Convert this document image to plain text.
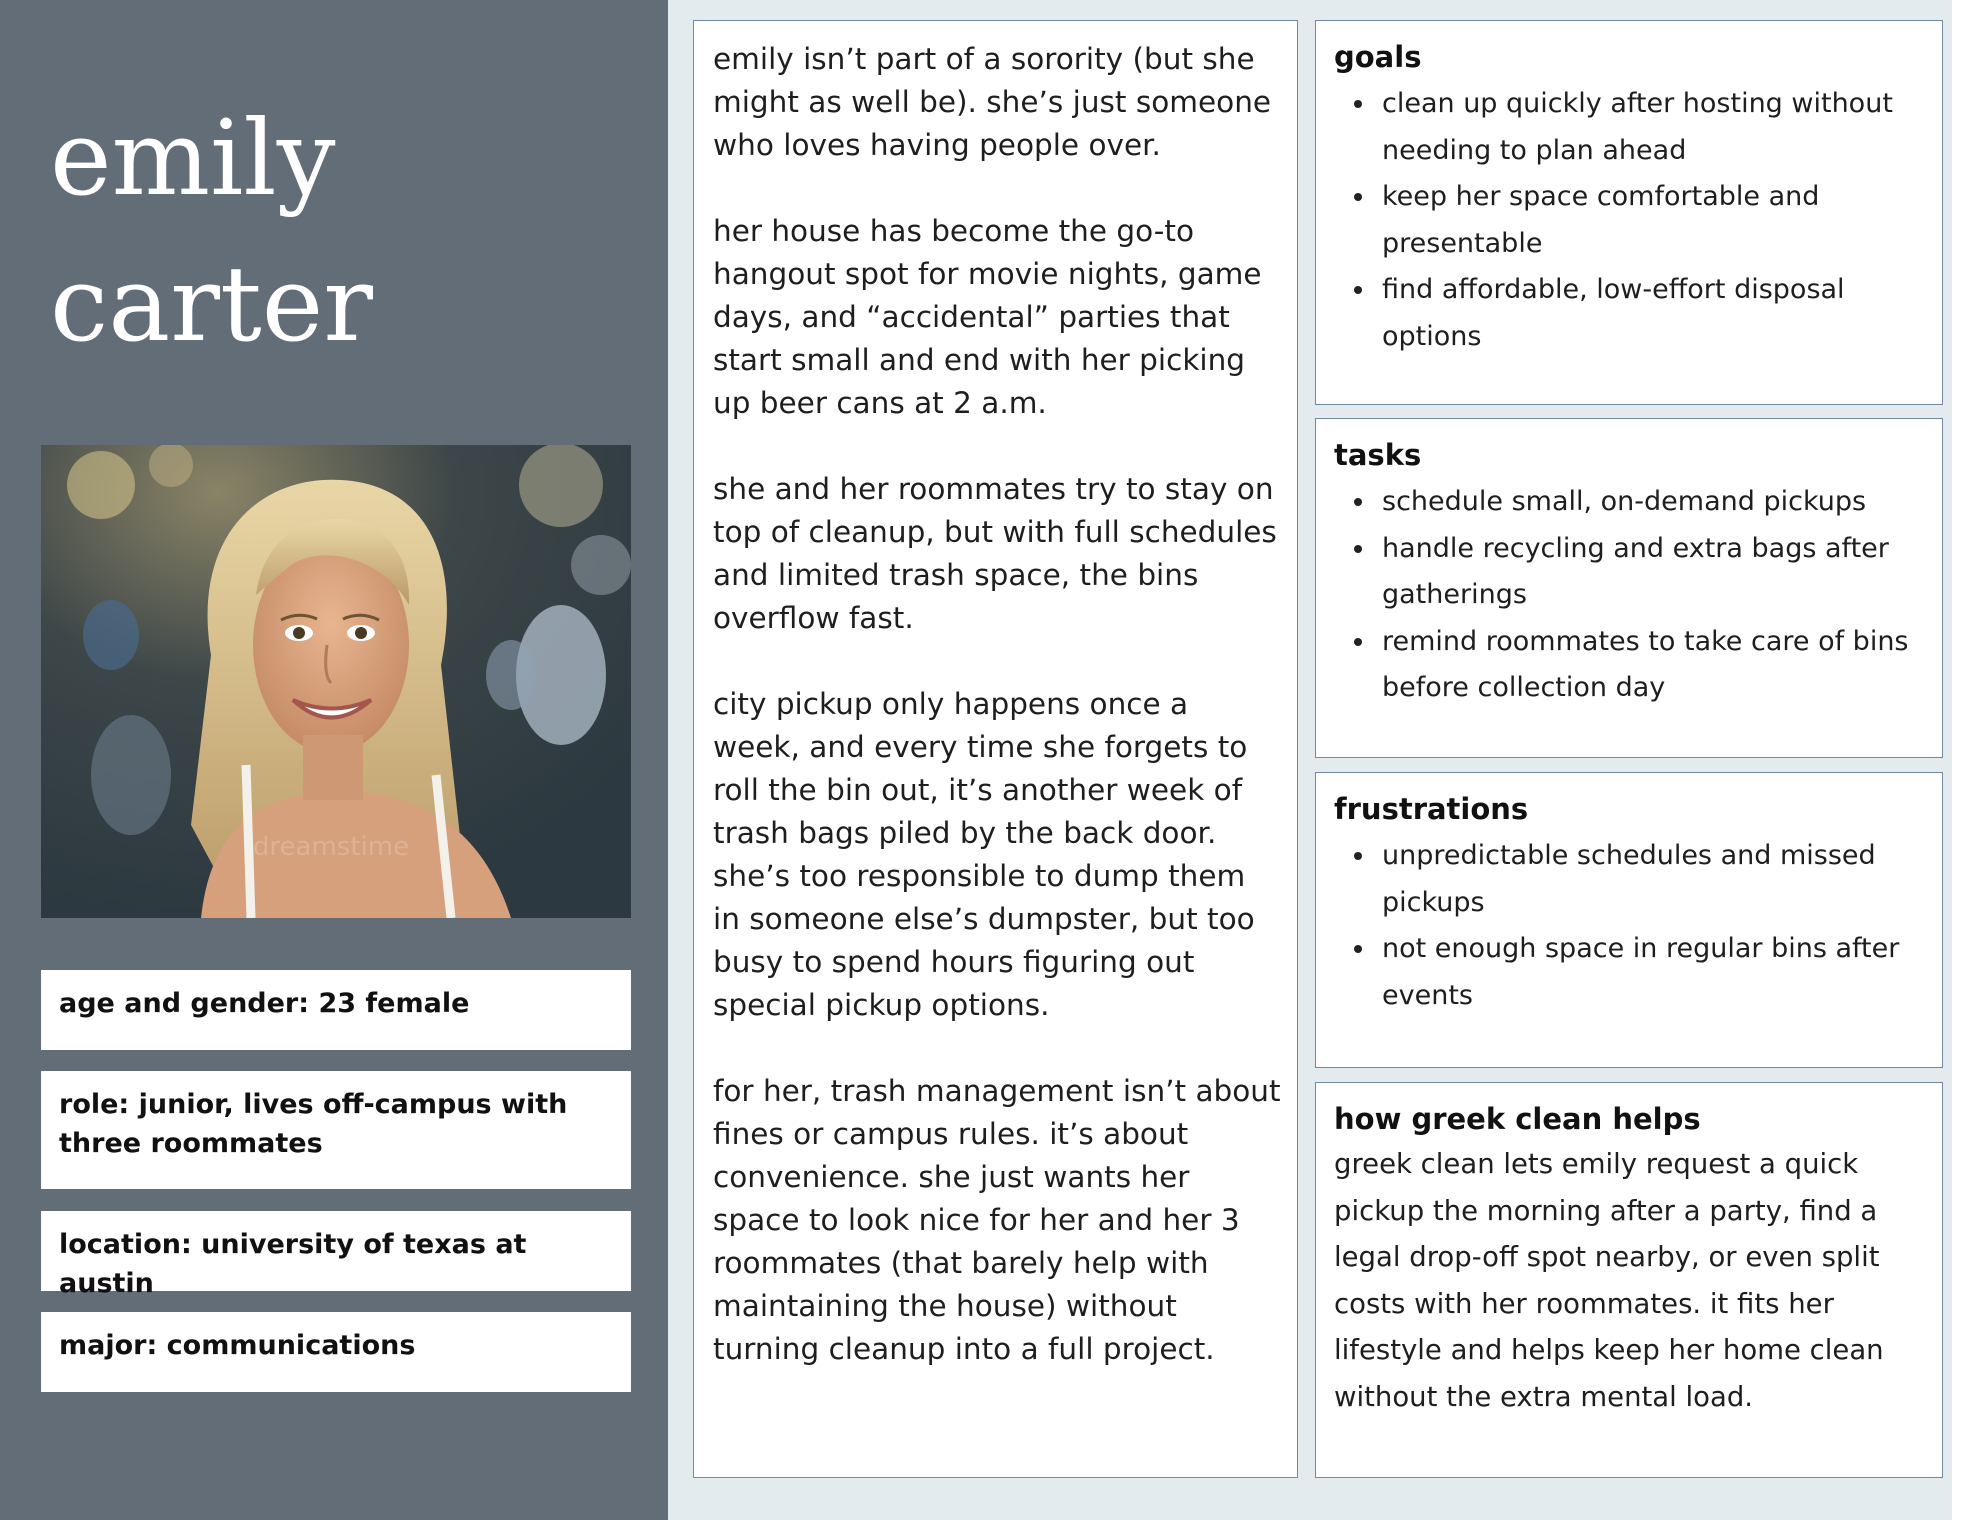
emily
carter
dreamstime
age and gender: 23 female
role: junior, lives off-campus with three roommates
location: university of texas at austin
major: communications

emily isn’t part of a sorority (but she might as well be). she’s just someone who loves having people over.

her house has become the go-to hangout spot for movie nights, game days, and “accidental” parties that start small and end with her picking up beer cans at 2 a.m.

she and her roommates try to stay on top of cleanup, but with full schedules and limited trash space, the bins overflow fast.

city pickup only happens once a week, and every time she forgets to roll the bin out, it’s another week of trash bags piled by the back door. she’s too responsible to dump them in someone else’s dumpster, but too busy to spend hours figuring out special pickup options.

for her, trash management isn’t about fines or campus rules. it’s about convenience. she just wants her space to look nice for her and her 3 roommates (that barely help with maintaining the house) without turning cleanup into a full project.

goals
clean up quickly after hosting without needing to plan ahead
keep her space comfortable and presentable
find affordable, low-effort disposal options
tasks
schedule small, on-demand pickups
handle recycling and extra bags after gatherings
remind roommates to take care of bins before collection day
frustrations
unpredictable schedules and missed pickups
not enough space in regular bins after events
how greek clean helps

greek clean lets emily request a quick pickup the morning after a party, find a legal drop-off spot nearby, or even split costs with her roommates. it fits her lifestyle and helps keep her home clean without the extra mental load.
